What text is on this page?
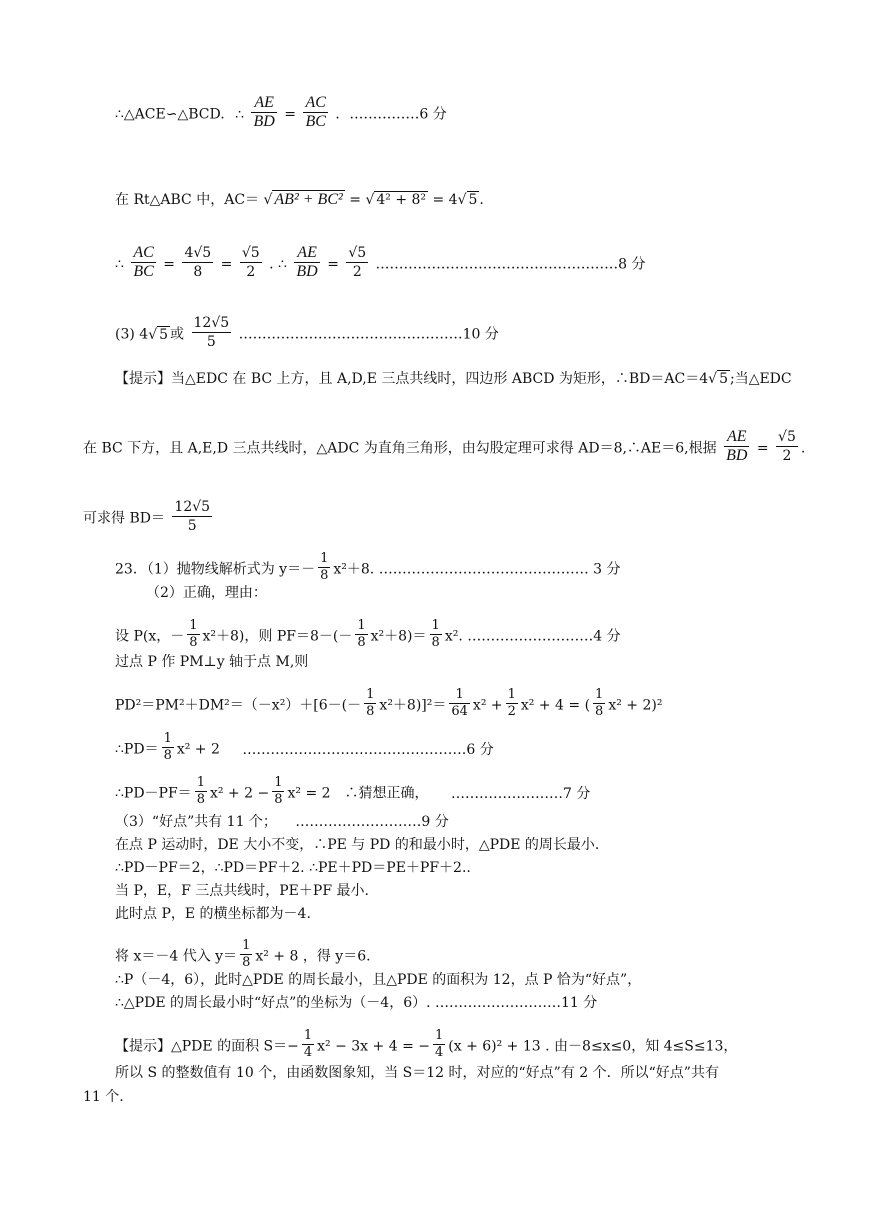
∴△ACE∽△BCD. ∴ $\frac{AE}{BD} = \frac{AC}{BC}$ ．……………6 分
在 Rt△ABC 中，AC＝ √ AB² + BC² = √ 4² + 8² = 4√ 5 .
∴ $\frac{AC}{BC} = \frac{4√5}{8} = \frac{√5}{2}$ . ∴ $\frac{AE}{BD} = \frac{√5}{2}$ .……………………………………………8 分
(3) 4√ 5 或 $\frac{12√5}{5}$ …………………………………………10 分
【提示】当△EDC 在 BC 上方，且 A,D,E 三点共线时，四边形 ABCD 为矩形，∴BD＝AC＝4√ 5 ;当△EDC
在 BC 下方，且 A,E,D 三点共线时，△ADC 为直角三角形，由勾股定理可求得 AD＝8,∴AE＝6,根据 $\frac{AE}{BD} = \frac{√5}{2}$ .
可求得 $BD= \frac{12√5}{5}$
23．（1）抛物线解析式为 $y=- \frac{1}{8} x^2+8$. ……………………………………… 3 分
（2）正确，理由：
设 P(x，－ $\frac{1}{8} x^2+8$)，则 $PF=8-(- \frac{1}{8} x^2+8)= \frac{1}{8} x^2$. ………………………4 分
过点 P 作 PM⊥y 轴于点 M,则
$PD^2=PM^2+DM^2=(-x^2)+[6-(- \frac{1}{8} x^2+8)]^2= \frac{1}{64} x^2 + \frac{1}{2} x^2 + 4$ = ( $\frac{1}{8} x^2 + 2)^2$
∴PD＝ $\frac{1}{8} x^2 + 2$ …………………………………………6 分
∴PD－PF＝ $\frac{1}{8} x^2 + 2 - \frac{1}{8} x^2 = 2$　∴猜想正确， ……………………7 分
（3）“好点”共有 11 个； ………………………9 分
在点 P 运动时，DE 大小不变，∴PE 与 PD 的和最小时，△PDE 的周长最小.
∴PD－PF＝2，∴PD＝PF＋2. ∴PE＋PD＝PE＋PF＋2..
当 P，E，F 三点共线时，PE＋PF 最小.
此时点 P，E 的横坐标都为－4.
将 x＝－4 代入 $y= \frac{1}{8} x^2 + 8$ ，得 y＝6.
∴P（－4，6），此时△PDE 的周长最小，且△PDE 的面积为 12，点 P 恰为“好点”，
∴△PDE 的周长最小时“好点”的坐标为（－4，6）. ………………………11 分
【提示】△PDE 的面积 $S=- \frac{1}{4} x^2 - 3x + 4$ = − $\frac{1}{4} (x + 6)^2 + 13$ . 由－8≤x≤0，知 4≤S≤13，
所以 S 的整数值有 10 个，由函数图象知，当 S＝12 时，对应的“好点”有 2 个．所以“好点”共有
11 个.
